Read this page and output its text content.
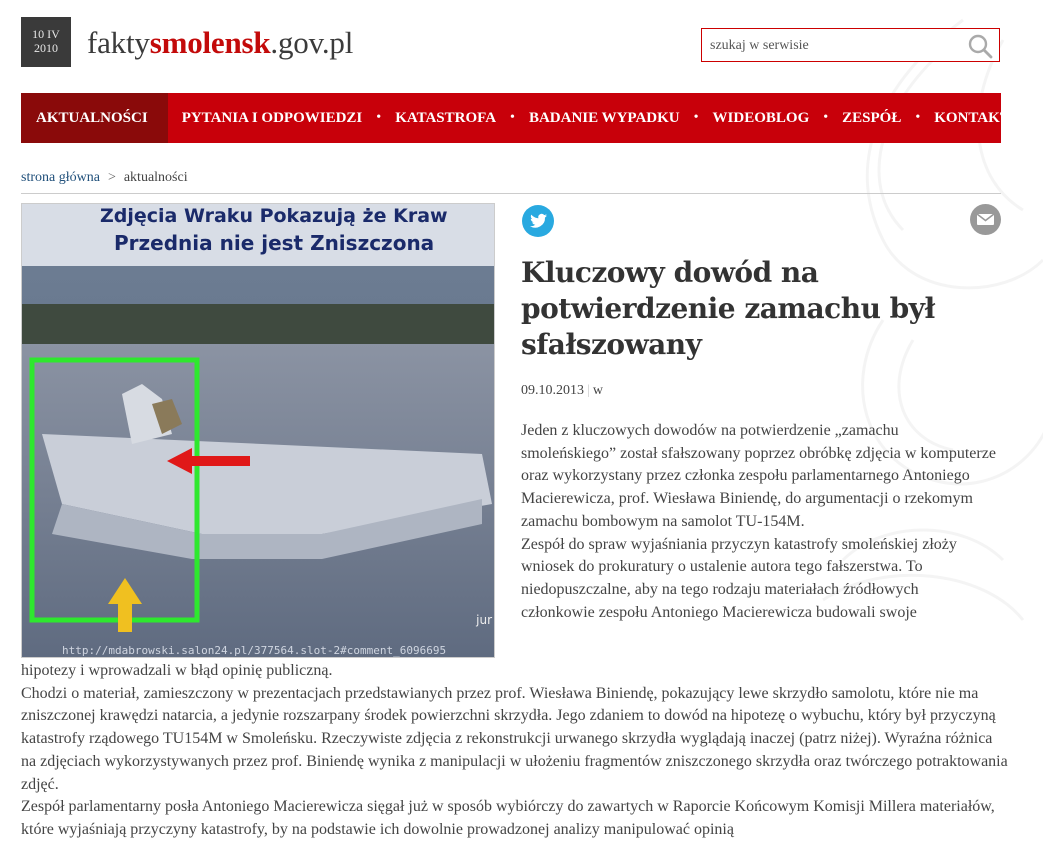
10 IV
2010 faktysmolensk.gov.pl
szukaj w serwisie
AKTUALNOŚCI	PYTANIA I ODPOWIEDZI	• KATASTROFA	• BADANIE WYPADKU	• WIDEOBLOG	• ZESPÓŁ	• KONTAKT
strona główna > aktualności
Zdjęcia Wraku Pokazują że Kraw
Przednia nie jest Zniszczona
jur
http://mdabrowski.salon24.pl/377564.slot-2#comment_6096695
Kluczowy dowód na potwierdzenie zamachu był sfałszowany
09.10.2013 | w

Jeden z kluczowych dowodów na potwierdzenie „zamachu smoleńskiego” został sfałszowany poprzez obróbkę zdjęcia w komputerze oraz wykorzystany przez członka zespołu parlamentarnego Antoniego Macierewicza, prof. Wiesława Biniendę, do argumentacji o rzekomym zamachu bombowym na samolot TU-154M.

Zespół do spraw wyjaśniania przyczyn katastrofy smoleńskiej złoży wniosek do prokuratury o ustalenie autora tego fałszerstwa. To niedopuszczalne, aby na tego rodzaju materiałach źródłowych członkowie zespołu Antoniego Macierewicza budowali swoje

hipotezy i wprowadzali w błąd opinię publiczną.

Chodzi o materiał, zamieszczony w prezentacjach przedstawianych przez prof. Wiesława Biniendę, pokazujący lewe skrzydło samolotu, które nie ma zniszczonej krawędzi natarcia, a jedynie rozszarpany środek powierzchni skrzydła. Jego zdaniem to dowód na hipotezę o wybuchu, który był przyczyną katastrofy rządowego TU154M w Smoleńsku. Rzeczywiste zdjęcia z rekonstrukcji urwanego skrzydła wyglądają inaczej (patrz niżej). Wyraźna różnica na zdjęciach wykorzystywanych przez prof. Biniendę wynika z manipulacji w ułożeniu fragmentów zniszczonego skrzydła oraz twórczego potraktowania zdjęć.

Zespół parlamentarny posła Antoniego Macierewicza sięgał już w sposób wybiórczy do zawartych w Raporcie Końcowym Komisji Millera materiałów, które wyjaśniają przyczyny katastrofy, by na podstawie ich dowolnie prowadzonej analizy manipulować opinią
